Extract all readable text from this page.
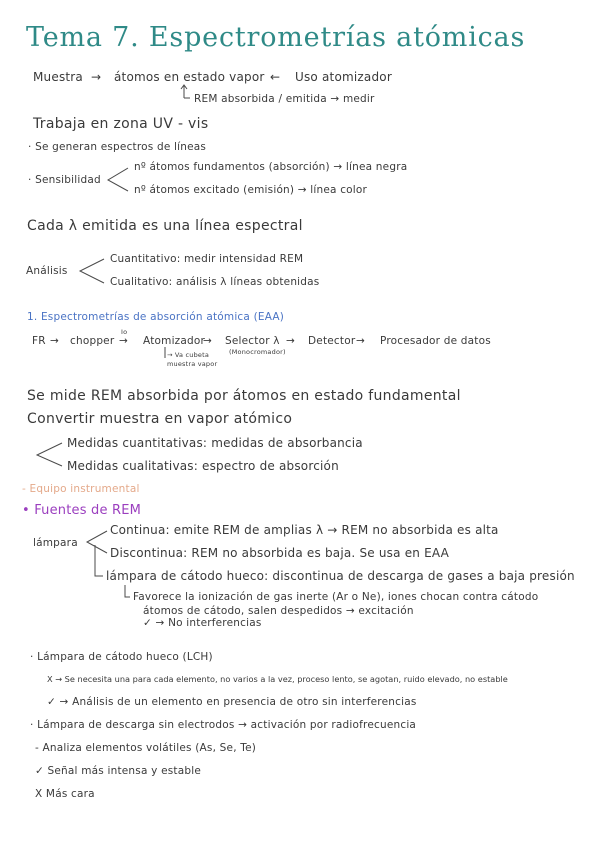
Tema 7. Espectrometrías atómicas
Muestra → átomos en estado vapor ← Uso atomizador
REM absorbida / emitida → medir
Trabaja en zona UV - vis
· Se generan espectros de líneas
· Sensibilidad
nº átomos fundamentos (absorción) → línea negra
nº átomos excitado (emisión) → línea color
Cada λ emitida es una línea espectral
Análisis
Cuantitativo: medir intensidad REM
Cualitativo: análisis λ líneas obtenidas
1. Espectrometrías de absorción atómica (EAA)
FR → chopper
Io
→ Atomizador
→ Selector λ
(Monocromador)
→ Detector → Procesador de datos
→ Va cubeta
muestra vapor
Se mide REM absorbida por átomos en estado fundamental
Convertir muestra en vapor atómico
Medidas cuantitativas: medidas de absorbancia
Medidas cualitativas: espectro de absorción
- Equipo instrumental
• Fuentes de REM
lámpara
Continua: emite REM de amplias λ → REM no absorbida es alta
Discontinua: REM no absorbida es baja. Se usa en EAA
lámpara de cátodo hueco: discontinua de descarga de gases a baja presión
Favorece la ionización de gas inerte (Ar o Ne), iones chocan contra cátodo
átomos de cátodo, salen despedidos → excitación
✓ → No interferencias
· Lámpara de cátodo hueco (LCH)
X → Se necesita una para cada elemento, no varios a la vez, proceso lento, se agotan, ruido elevado, no estable
✓ → Análisis de un elemento en presencia de otro sin interferencias
· Lámpara de descarga sin electrodos → activación por radiofrecuencia
- Analiza elementos volátiles (As, Se, Te)
✓ Señal más intensa y estable
X Más cara
